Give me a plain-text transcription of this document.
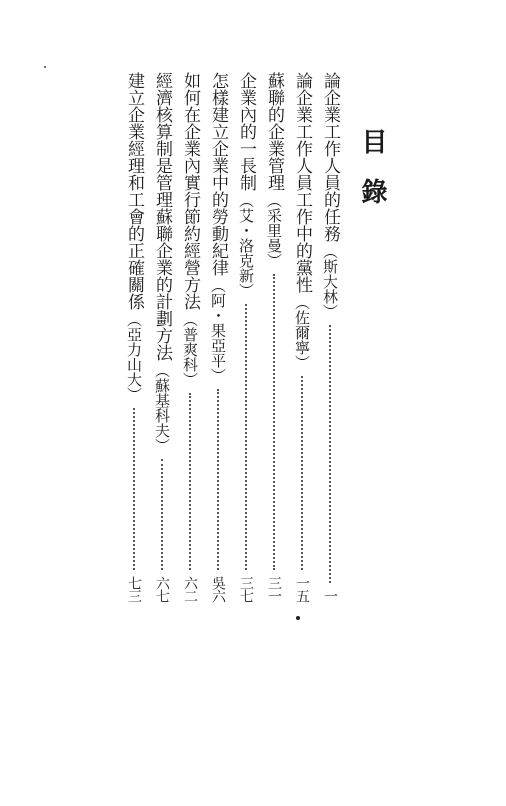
目錄
論企業工作人員的任務
（斯大林）
一
論企業工作人員工作中的黨性
（佐爾寧）
一五
蘇聯的企業管理
（采里曼）
三一
企業內的一長制
（艾・洛克新）
三七
怎樣建立企業中的勞動紀律
（阿・果亞平）
吳六
如何在企業內實行節約經營方法
（普爽科）
六二
經濟核算制是管理蘇聯企業的計劃方法
（蘇基科夫）
六七
建立企業經理和工會的正確關係
（亞力山大）
七三
